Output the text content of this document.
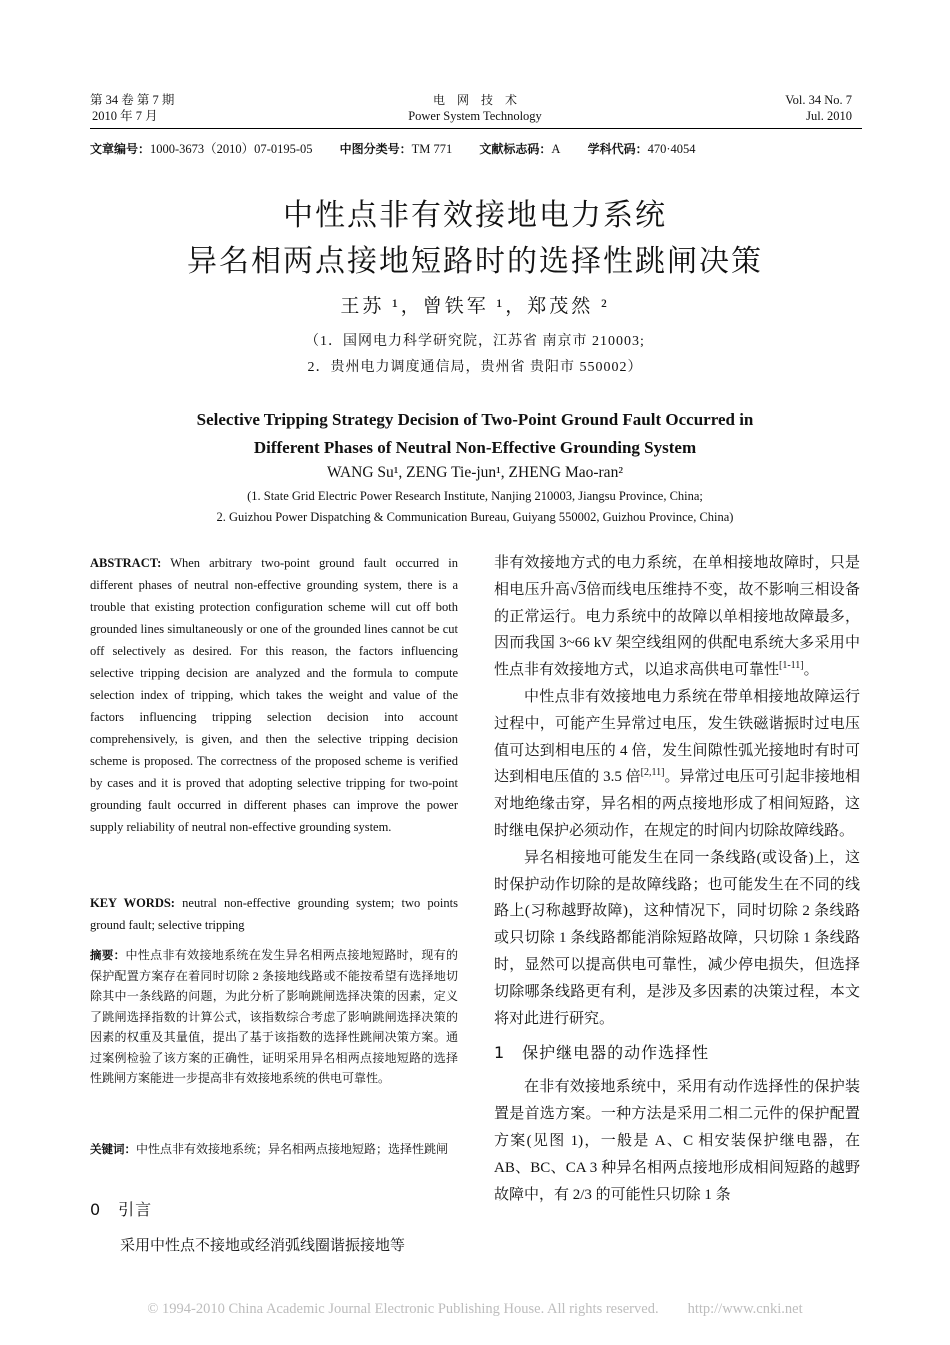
第 34 卷 第 7 期
2010 年 7 月
电　网　技　术
Power System Technology
Vol. 34 No. 7
Jul. 2010
文章编号：1000-3673（2010）07-0195-05 中图分类号：TM 771 文献标志码：A 学科代码：470·4054
中性点非有效接地电力系统
异名相两点接地短路时的选择性跳闸决策
王苏 ¹，曾铁军 ¹，郑茂然 ²
（1．国网电力科学研究院，江苏省 南京市 210003;
2．贵州电力调度通信局，贵州省 贵阳市 550002）
Selective Tripping Strategy Decision of Two-Point Ground Fault Occurred in
Different Phases of Neutral Non-Effective Grounding System
WANG Su¹, ZENG Tie-jun¹, ZHENG Mao-ran²
(1. State Grid Electric Power Research Institute, Nanjing 210003, Jiangsu Province, China;
2. Guizhou Power Dispatching & Communication Bureau, Guiyang 550002, Guizhou Province, China)
ABSTRACT: When arbitrary two-point ground fault occurred in different phases of neutral non-effective grounding system, there is a trouble that existing protection configuration scheme will cut off both grounded lines simultaneously or one of the grounded lines cannot be cut off selectively as desired. For this reason, the factors influencing selective tripping decision are analyzed and the formula to compute selection index of tripping, which takes the weight and value of the factors influencing tripping selection decision into account comprehensively, is given, and then the selective tripping decision scheme is proposed. The correctness of the proposed scheme is verified by cases and it is proved that adopting selective tripping for two-point grounding fault occurred in different phases can improve the power supply reliability of neutral non-effective grounding system.
KEY WORDS: neutral non-effective grounding system; two points ground fault; selective tripping
摘要：中性点非有效接地系统在发生异名相两点接地短路时，现有的保护配置方案存在着同时切除 2 条接地线路或不能按希望有选择地切除其中一条线路的问题，为此分析了影响跳闸选择决策的因素，定义了跳闸选择指数的计算公式，该指数综合考虑了影响跳闸选择决策的因素的权重及其量值，提出了基于该指数的选择性跳闸决策方案。通过案例检验了该方案的正确性，证明采用异名相两点接地短路的选择性跳闸方案能进一步提高非有效接地系统的供电可靠性。
关键词：中性点非有效接地系统；异名相两点接地短路；选择性跳闸
0　引言
采用中性点不接地或经消弧线圈谐振接地等

非有效接地方式的电力系统，在单相接地故障时，只是相电压升高√3倍而线电压维持不变，故不影响三相设备的正常运行。电力系统中的故障以单相接地故障最多，因而我国 3~66 kV 架空线组网的供配电系统大多采用中性点非有效接地方式，以追求高供电可靠性[1-11]。

中性点非有效接地电力系统在带单相接地故障运行过程中，可能产生异常过电压，发生铁磁谐振时过电压值可达到相电压的 4 倍，发生间隙性弧光接地时有时可达到相电压值的 3.5 倍[2,11]。异常过电压可引起非接地相对地绝缘击穿，异名相的两点接地形成了相间短路，这时继电保护必须动作，在规定的时间内切除故障线路。

异名相接地可能发生在同一条线路(或设备)上，这时保护动作切除的是故障线路；也可能发生在不同的线路上(习称越野故障)，这种情况下，同时切除 2 条线路或只切除 1 条线路都能消除短路故障，只切除 1 条线路时，显然可以提高供电可靠性，减少停电损失，但选择切除哪条线路更有利，是涉及多因素的决策过程，本文将对此进行研究。

1　保护继电器的动作选择性

在非有效接地系统中，采用有动作选择性的保护装置是首选方案。一种方法是采用二相二元件的保护配置方案(见图 1)，一般是 A、C 相安装保护继电器，在 AB、BC、CA 3 种异名相两点接地形成相间短路的越野故障中，有 2/3 的可能性只切除 1 条

© 1994-2010 China Academic Journal Electronic Publishing House. All rights reserved.　　http://www.cnki.net
